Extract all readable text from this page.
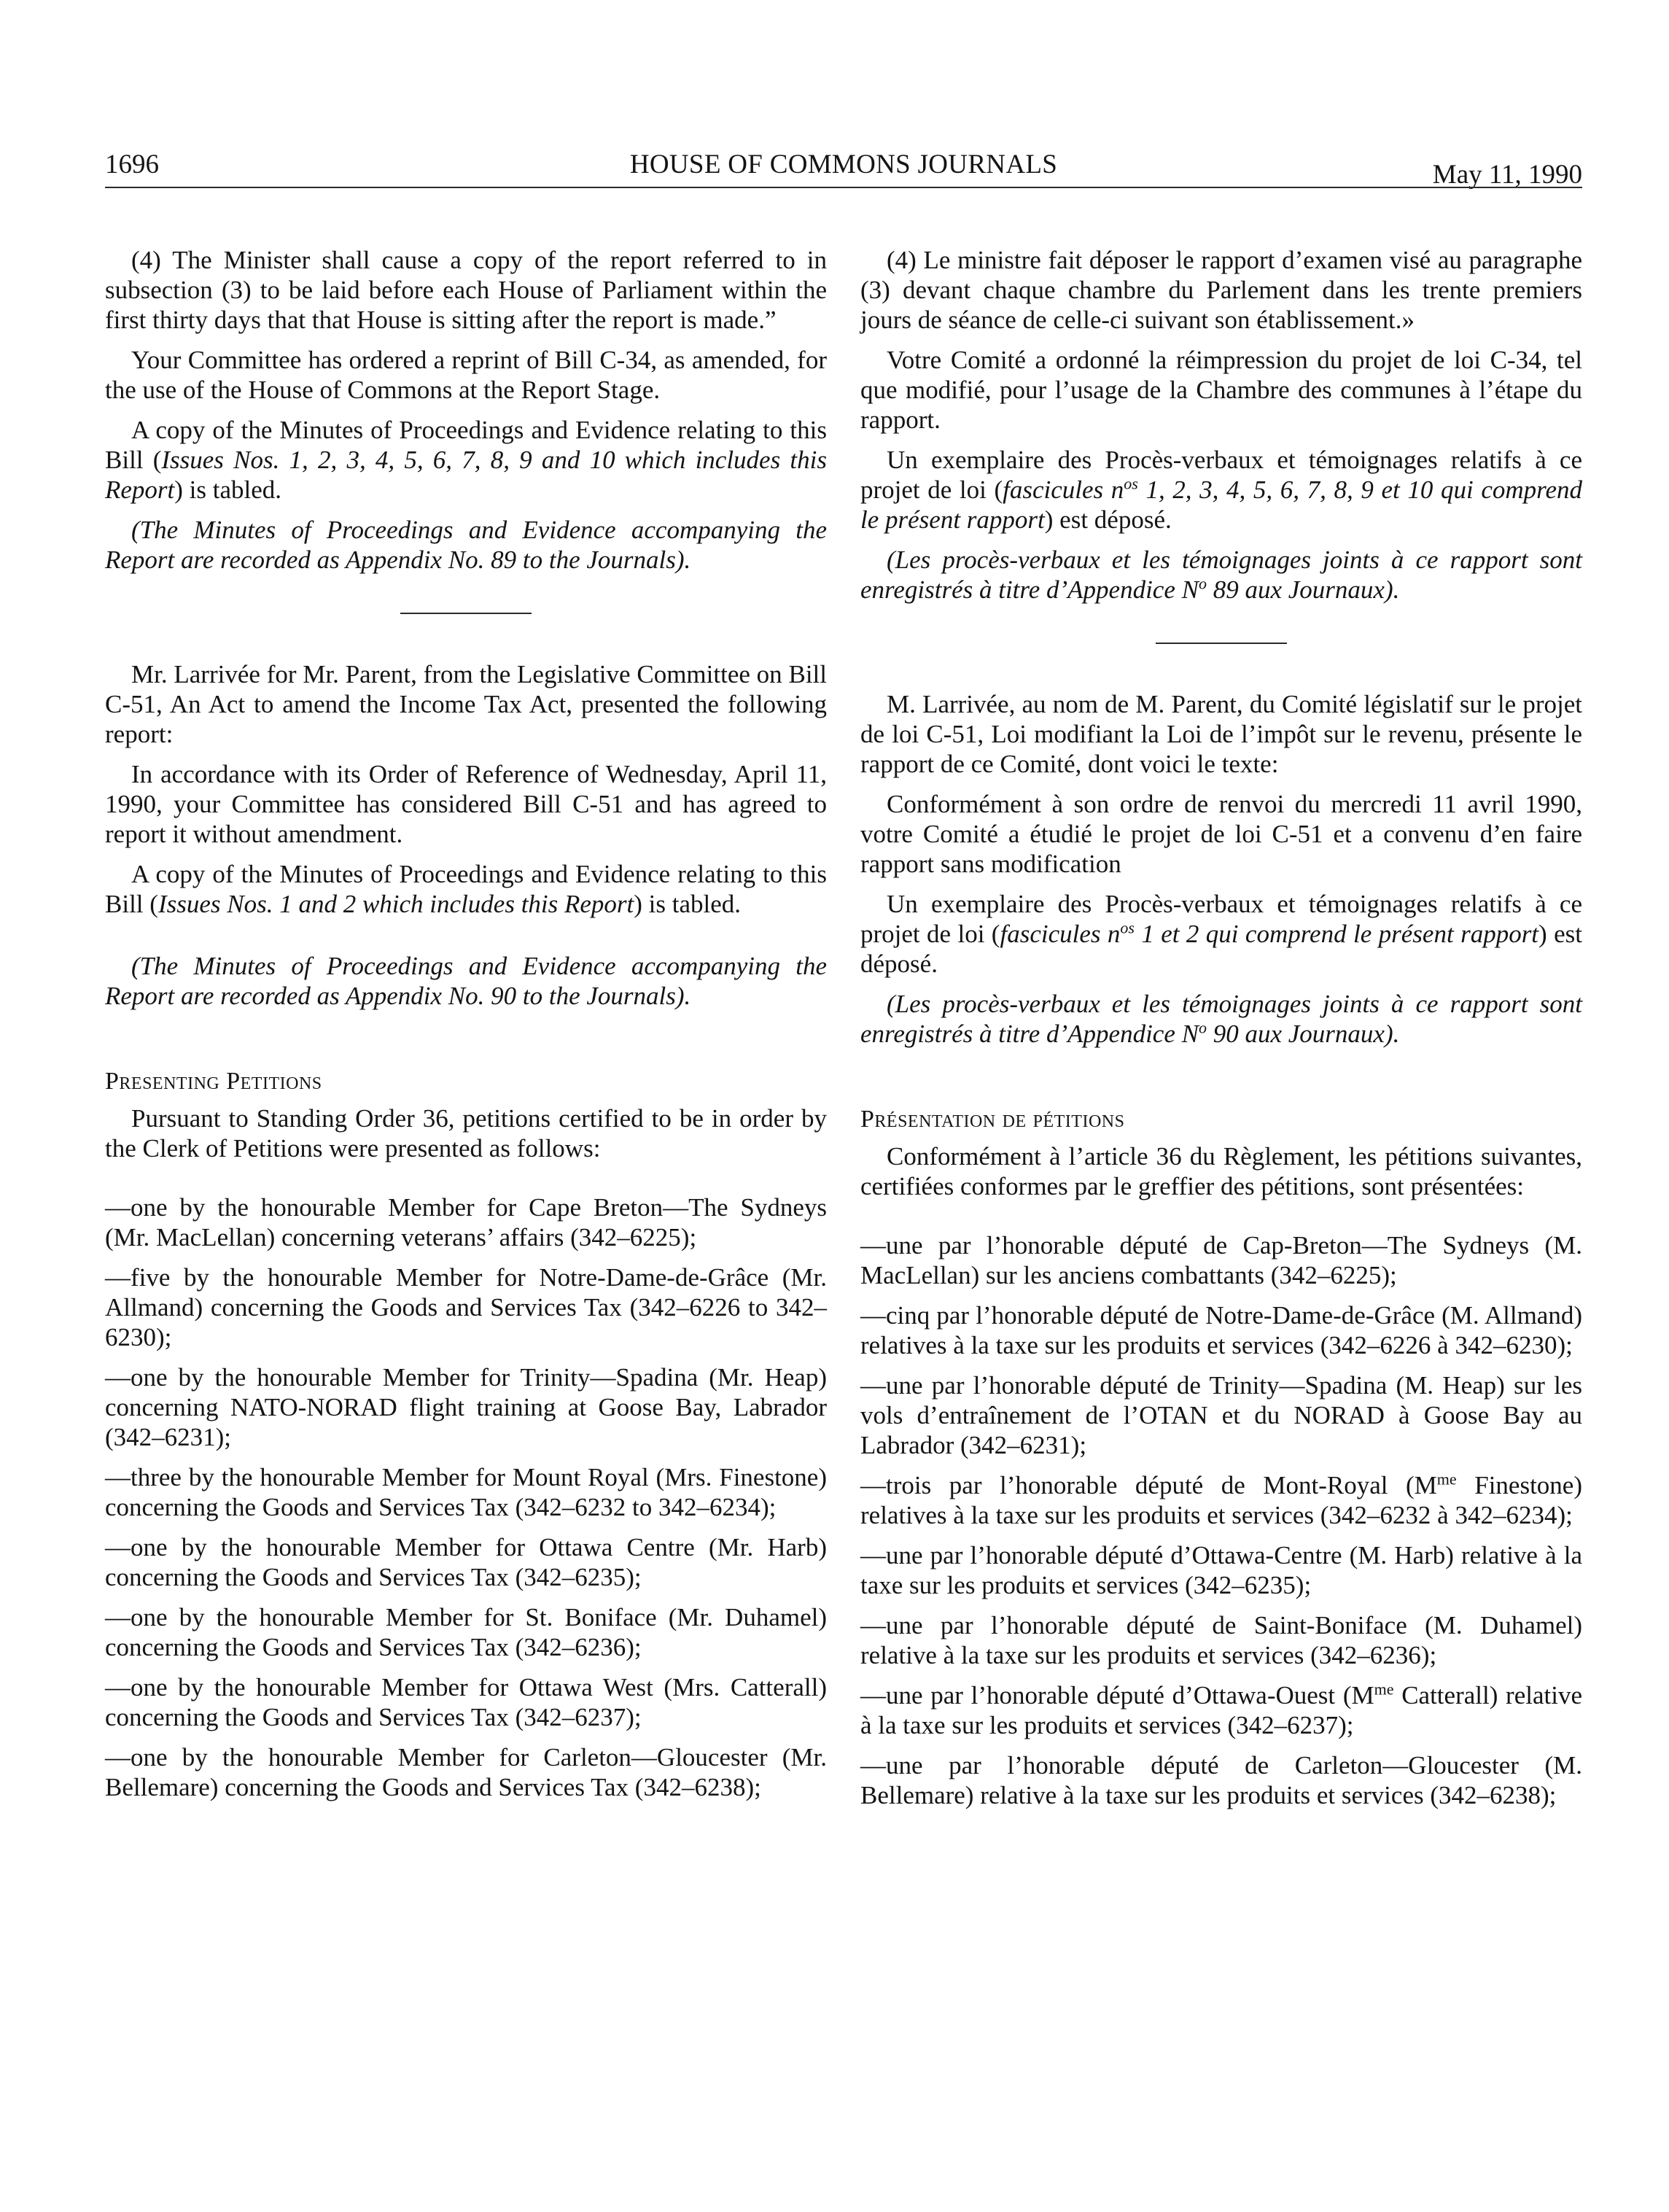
1696	HOUSE OF COMMONS JOURNALS	May 11, 1990

(4) The Minister shall cause a copy of the report referred to in subsection (3) to be laid before each House of Parliament within the first thirty days that that House is sitting after the report is made.”

Your Committee has ordered a reprint of Bill C-34, as amended, for the use of the House of Commons at the Report Stage.

A copy of the Minutes of Proceedings and Evidence relating to this Bill (Issues Nos. 1, 2, 3, 4, 5, 6, 7, 8, 9 and 10 which includes this Report) is tabled.

(The Minutes of Proceedings and Evidence accompanying the Report are recorded as Appendix No. 89 to the Journals).

Mr. Larrivée for Mr. Parent, from the Legislative Committee on Bill C-51, An Act to amend the Income Tax Act, presented the following report:

In accordance with its Order of Reference of Wednesday, April 11, 1990, your Committee has considered Bill C-51 and has agreed to report it without amendment.

A copy of the Minutes of Proceedings and Evidence relating to this Bill (Issues Nos. 1 and 2 which includes this Report) is tabled.

(The Minutes of Proceedings and Evidence accompanying the Report are recorded as Appendix No. 90 to the Journals).

Presenting Petitions

Pursuant to Standing Order 36, petitions certified to be in order by the Clerk of Petitions were presented as follows:

—one by the honourable Member for Cape Breton—The Sydneys (Mr. MacLellan) concerning veterans’ affairs (342–6225);

—five by the honourable Member for Notre-Dame-de-Grâce (Mr. Allmand) concerning the Goods and Services Tax (342–6226 to 342–6230);

—one by the honourable Member for Trinity—Spadina (Mr. Heap) concerning NATO-NORAD flight training at Goose Bay, Labrador (342–6231);

—three by the honourable Member for Mount Royal (Mrs. Finestone) concerning the Goods and Services Tax (342–6232 to 342–6234);

—one by the honourable Member for Ottawa Centre (Mr. Harb) concerning the Goods and Services Tax (342–6235);

—one by the honourable Member for St. Boniface (Mr. Duhamel) concerning the Goods and Services Tax (342–6236);

—one by the honourable Member for Ottawa West (Mrs. Catterall) concerning the Goods and Services Tax (342–6237);

—one by the honourable Member for Carleton—Gloucester (Mr. Bellemare) concerning the Goods and Services Tax (342–6238);

(4) Le ministre fait déposer le rapport d’examen visé au paragraphe (3) devant chaque chambre du Parlement dans les trente premiers jours de séance de celle-ci suivant son établissement.»

Votre Comité a ordonné la réimpression du projet de loi C-34, tel que modifié, pour l’usage de la Chambre des communes à l’étape du rapport.

Un exemplaire des Procès-verbaux et témoignages relatifs à ce projet de loi (fascicules $n^{os}$ 1, 2, 3, 4, 5, 6, 7, 8, 9 et 10 qui comprend le présent rapport) est déposé.

(Les procès-verbaux et les témoignages joints à ce rapport sont enregistrés à titre d’Appendice $N^o$ 89 aux Journaux).

M. Larrivée, au nom de M. Parent, du Comité législatif sur le projet de loi C-51, Loi modifiant la Loi de l’impôt sur le revenu, présente le rapport de ce Comité, dont voici le texte:

Conformément à son ordre de renvoi du mercredi 11 avril 1990, votre Comité a étudié le projet de loi C-51 et a convenu d’en faire rapport sans modification

Un exemplaire des Procès-verbaux et témoignages relatifs à ce projet de loi (fascicules $n^{os}$ 1 et 2 qui comprend le présent rapport) est déposé.

(Les procès-verbaux et les témoignages joints à ce rapport sont enregistrés à titre d’Appendice $N^o$ 90 aux Journaux).

Présentation de pétitions

Conformément à l’article 36 du Règlement, les pétitions suivantes, certifiées conformes par le greffier des pétitions, sont présentées:

—une par l’honorable député de Cap-Breton—The Sydneys (M. MacLellan) sur les anciens combattants (342–6225);

—cinq par l’honorable député de Notre-Dame-de-Grâce (M. Allmand) relatives à la taxe sur les produits et services (342–6226 à 342–6230);

—une par l’honorable député de Trinity—Spadina (M. Heap) sur les vols d’entraînement de l’OTAN et du NORAD à Goose Bay au Labrador (342–6231);

—trois par l’honorable député de Mont-Royal ($M^{me}$ Finestone) relatives à la taxe sur les produits et services (342–6232 à 342–6234);

—une par l’honorable député d’Ottawa-Centre (M. Harb) relative à la taxe sur les produits et services (342–6235);

—une par l’honorable député de Saint-Boniface (M. Duhamel) relative à la taxe sur les produits et services (342–6236);

—une par l’honorable député d’Ottawa-Ouest ($M^{me}$ Catterall) relative à la taxe sur les produits et services (342–6237);

—une par l’honorable député de Carleton—Gloucester (M. Bellemare) relative à la taxe sur les produits et services (342–6238);
